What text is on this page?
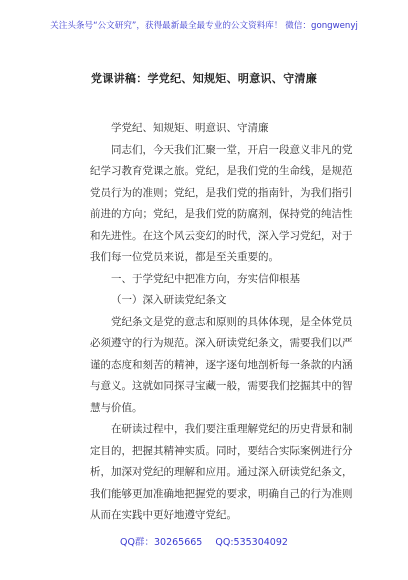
关注头条号“公文研究”，获得最新最全最专业的公文资料库！ 微信：gongwenyj
党课讲稿：学党纪、知规矩、明意识、守清廉
学党纪、知规矩、明意识、守清廉
同志们，今天我们汇聚一堂，开启一段意义非凡的党
纪学习教育党课之旅。党纪，是我们党的生命线，是规范
党员行为的准则；党纪，是我们党的指南针，为我们指引
前进的方向；党纪，是我们党的防腐剂，保持党的纯洁性
和先进性。在这个风云变幻的时代，深入学习党纪，对于
我们每一位党员来说，都是至关重要的。
一、于学党纪中把准方向，夯实信仰根基
（一）深入研读党纪条文
党纪条文是党的意志和原则的具体体现，是全体党员
必须遵守的行为规范。深入研读党纪条文，需要我们以严
谨的态度和刻苦的精神，逐字逐句地剖析每一条款的内涵
与意义。这就如同探寻宝藏一般，需要我们挖掘其中的智
慧与价值。
在研读过程中，我们要注重理解党纪的历史背景和制
定目的，把握其精神实质。同时，要结合实际案例进行分
析，加深对党纪的理解和应用。通过深入研读党纪条文，
我们能够更加准确地把握党的要求，明确自己的行为准则
从而在实践中更好地遵守党纪。
QQ群：30265665 QQ:535304092
